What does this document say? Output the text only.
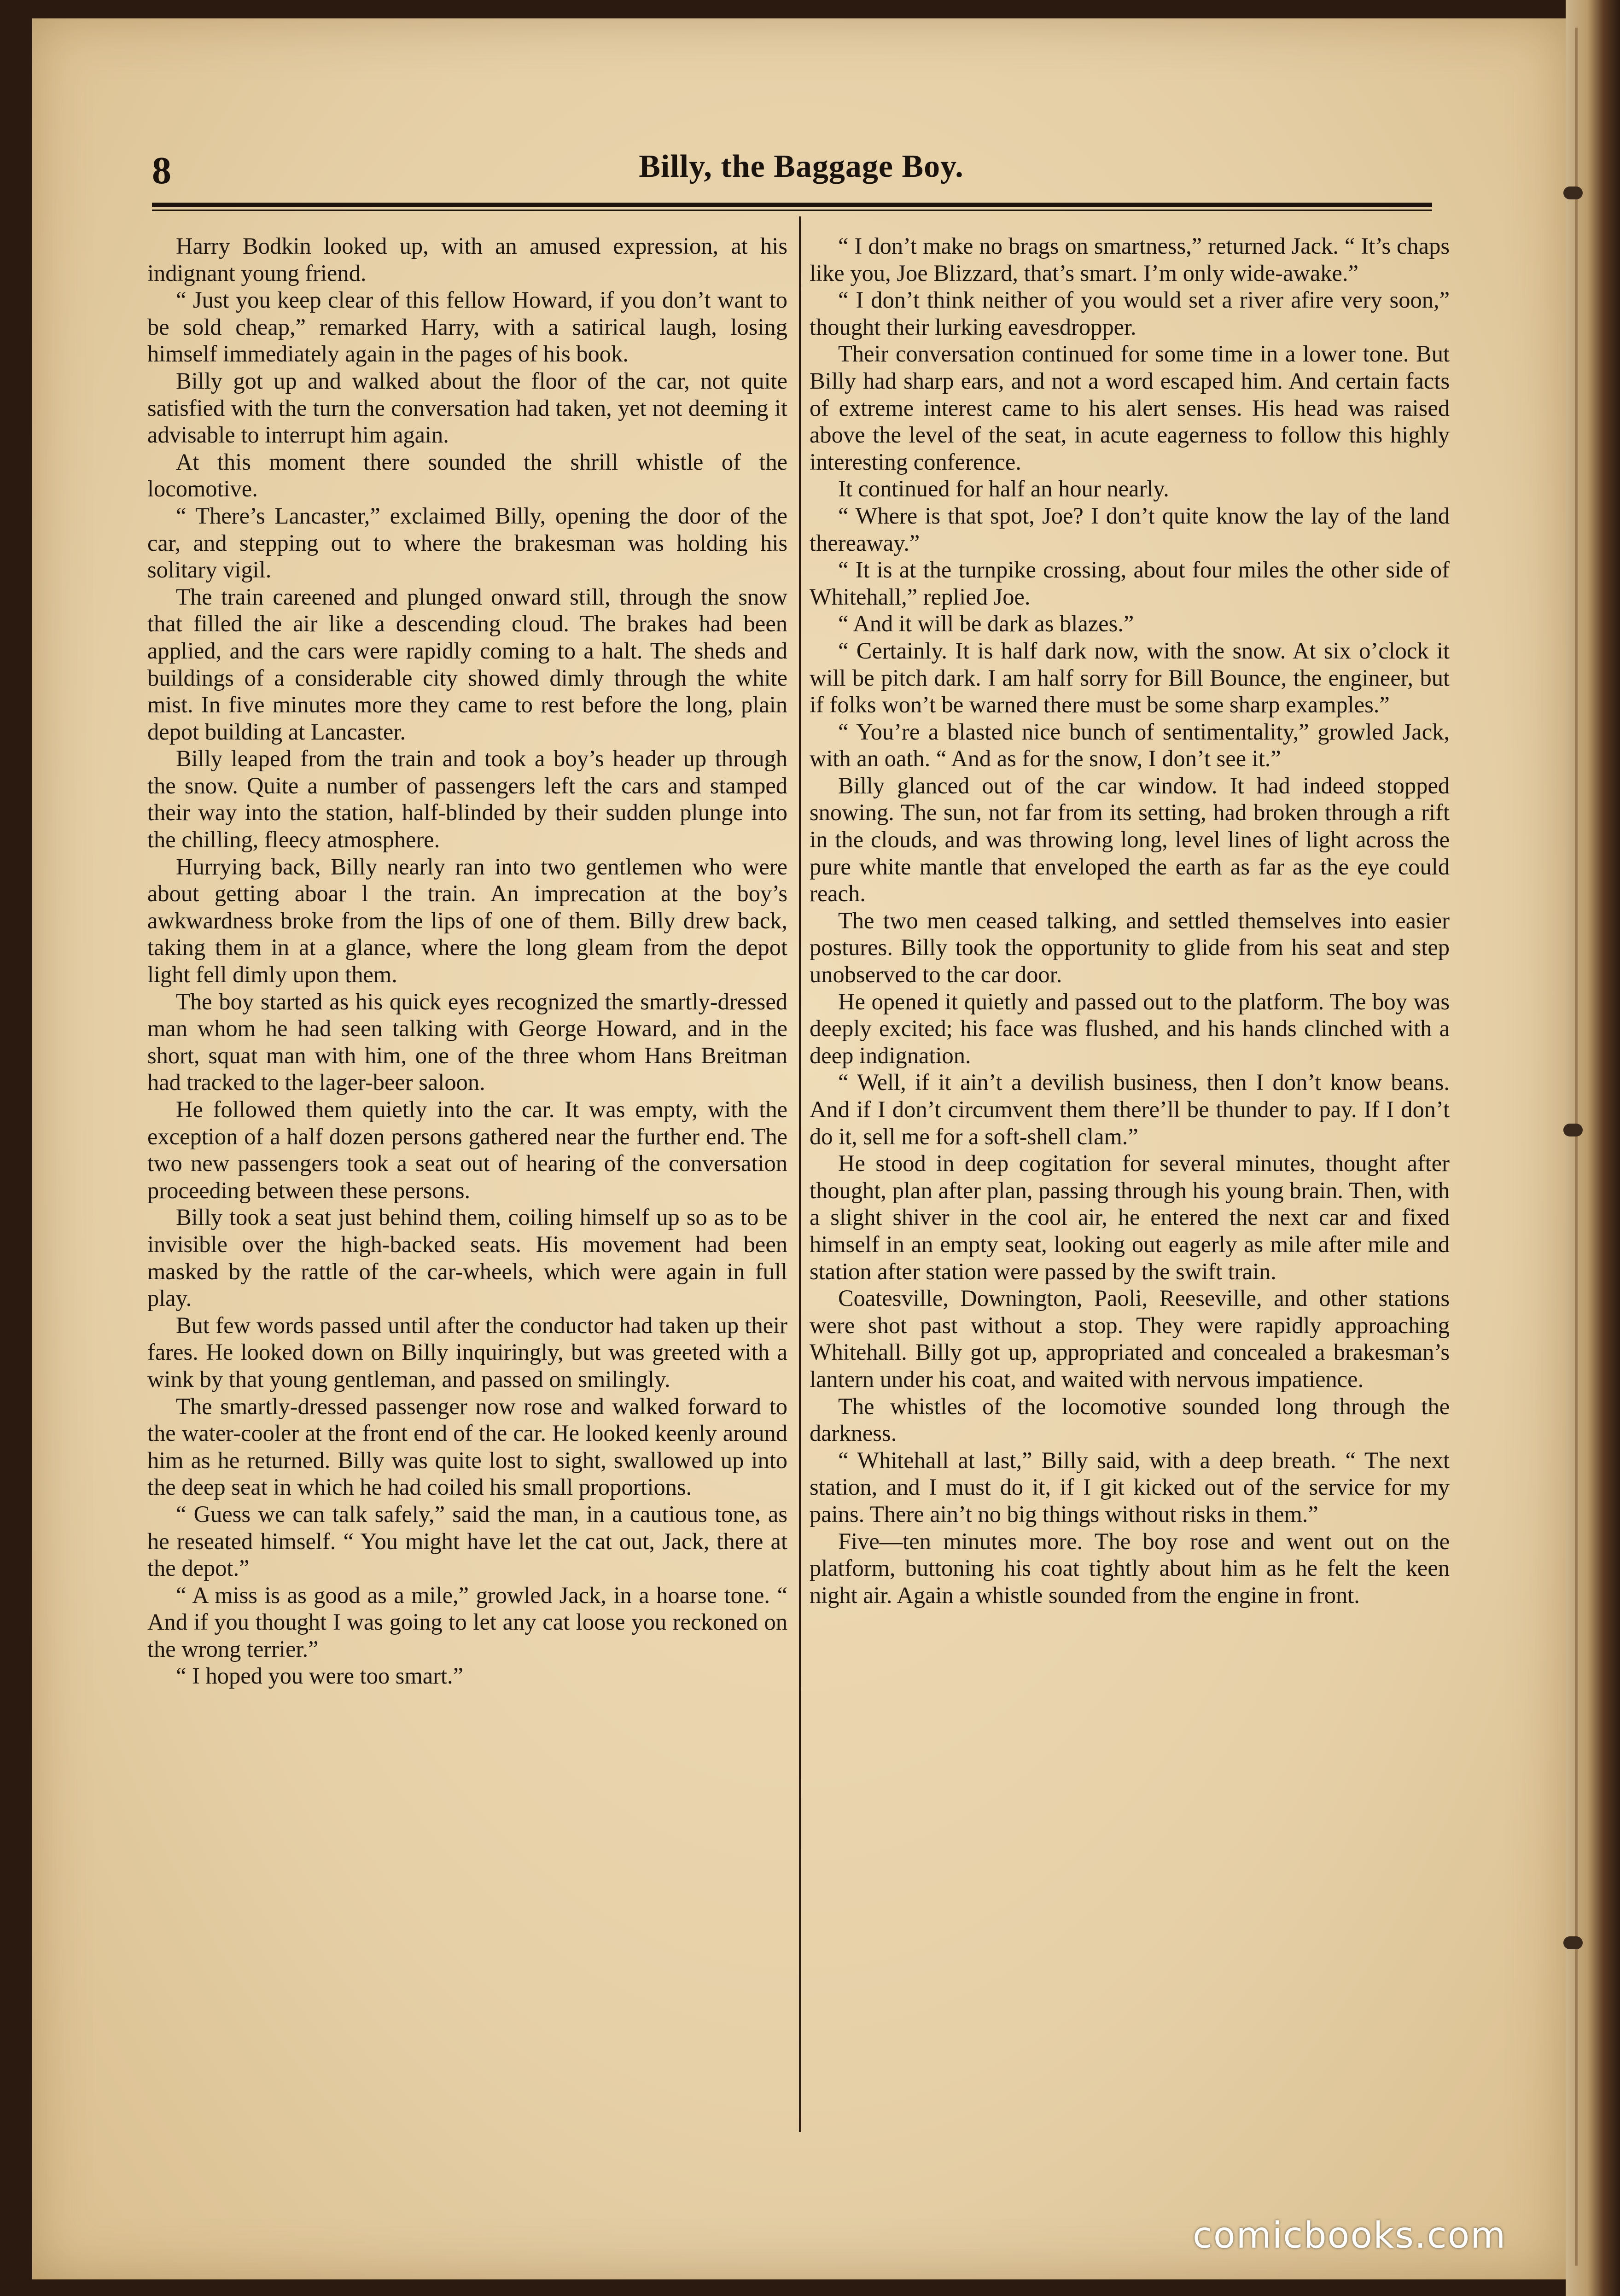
8	Billy, the Baggage Boy.

Harry Bodkin looked up, with an amused expression, at his indignant young friend.

“ Just you keep clear of this fellow Howard, if you don’t want to be sold cheap,” remarked Harry, with a satirical laugh, losing himself immediately again in the pages of his book.

Billy got up and walked about the floor of the car, not quite satisfied with the turn the conversation had taken, yet not deeming it advisable to interrupt him again.

At this moment there sounded the shrill whistle of the locomotive.

“ There’s Lancaster,” exclaimed Billy, opening the door of the car, and stepping out to where the brakesman was holding his solitary vigil.

The train careened and plunged onward still, through the snow that filled the air like a descending cloud. The brakes had been applied, and the cars were rapidly coming to a halt. The sheds and buildings of a considerable city showed dimly through the white mist. In five minutes more they came to rest before the long, plain depot building at Lancaster.

Billy leaped from the train and took a boy’s header up through the snow. Quite a number of passengers left the cars and stamped their way into the station, half-blinded by their sudden plunge into the chilling, fleecy atmosphere.

Hurrying back, Billy nearly ran into two gentlemen who were about getting aboar l the train. An imprecation at the boy’s awkwardness broke from the lips of one of them. Billy drew back, taking them in at a glance, where the long gleam from the depot light fell dimly upon them.

The boy started as his quick eyes recognized the smartly-dressed man whom he had seen talking with George Howard, and in the short, squat man with him, one of the three whom Hans Breitman had tracked to the lager-beer saloon.

He followed them quietly into the car. It was empty, with the exception of a half dozen persons gathered near the further end. The two new passengers took a seat out of hearing of the conversation proceeding between these persons.

Billy took a seat just behind them, coiling himself up so as to be invisible over the high-backed seats. His movement had been masked by the rattle of the car-wheels, which were again in full play.

But few words passed until after the conductor had taken up their fares. He looked down on Billy inquiringly, but was greeted with a wink by that young gentleman, and passed on smilingly.

The smartly-dressed passenger now rose and walked forward to the water-cooler at the front end of the car. He looked keenly around him as he returned. Billy was quite lost to sight, swallowed up into the deep seat in which he had coiled his small proportions.

“ Guess we can talk safely,” said the man, in a cautious tone, as he reseated himself. “ You might have let the cat out, Jack, there at the depot.”

“ A miss is as good as a mile,” growled Jack, in a hoarse tone. “ And if you thought I was going to let any cat loose you reckoned on the wrong terrier.”

“ I hoped you were too smart.”

“ I don’t make no brags on smartness,” returned Jack. “ It’s chaps like you, Joe Blizzard, that’s smart. I’m only wide-awake.”

“ I don’t think neither of you would set a river afire very soon,” thought their lurking eavesdropper.

Their conversation continued for some time in a lower tone. But Billy had sharp ears, and not a word escaped him. And certain facts of extreme interest came to his alert senses. His head was raised above the level of the seat, in acute eagerness to follow this highly interesting conference.

It continued for half an hour nearly.

“ Where is that spot, Joe? I don’t quite know the lay of the land thereaway.”

“ It is at the turnpike crossing, about four miles the other side of Whitehall,” replied Joe.

“ And it will be dark as blazes.”

“ Certainly. It is half dark now, with the snow. At six o’clock it will be pitch dark. I am half sorry for Bill Bounce, the engineer, but if folks won’t be warned there must be some sharp examples.”

“ You’re a blasted nice bunch of sentimentality,” growled Jack, with an oath. “ And as for the snow, I don’t see it.”

Billy glanced out of the car window. It had indeed stopped snowing. The sun, not far from its setting, had broken through a rift in the clouds, and was throwing long, level lines of light across the pure white mantle that enveloped the earth as far as the eye could reach.

The two men ceased talking, and settled themselves into easier postures. Billy took the opportunity to glide from his seat and step unobserved to the car door.

He opened it quietly and passed out to the platform. The boy was deeply excited; his face was flushed, and his hands clinched with a deep indignation.

“ Well, if it ain’t a devilish business, then I don’t know beans. And if I don’t circumvent them there’ll be thunder to pay. If I don’t do it, sell me for a soft-shell clam.”

He stood in deep cogitation for several minutes, thought after thought, plan after plan, passing through his young brain. Then, with a slight shiver in the cool air, he entered the next car and fixed himself in an empty seat, looking out eagerly as mile after mile and station after station were passed by the swift train.

Coatesville, Downington, Paoli, Reeseville, and other stations were shot past without a stop. They were rapidly approaching Whitehall. Billy got up, appropriated and concealed a brakesman’s lantern under his coat, and waited with nervous impatience.

The whistles of the locomotive sounded long through the darkness.

“ Whitehall at last,” Billy said, with a deep breath. “ The next station, and I must do it, if I git kicked out of the service for my pains. There ain’t no big things without risks in them.”

Five—ten minutes more. The boy rose and went out on the platform, buttoning his coat tightly about him as he felt the keen night air. Again a whistle sounded from the engine in front.

comicbooks.com
